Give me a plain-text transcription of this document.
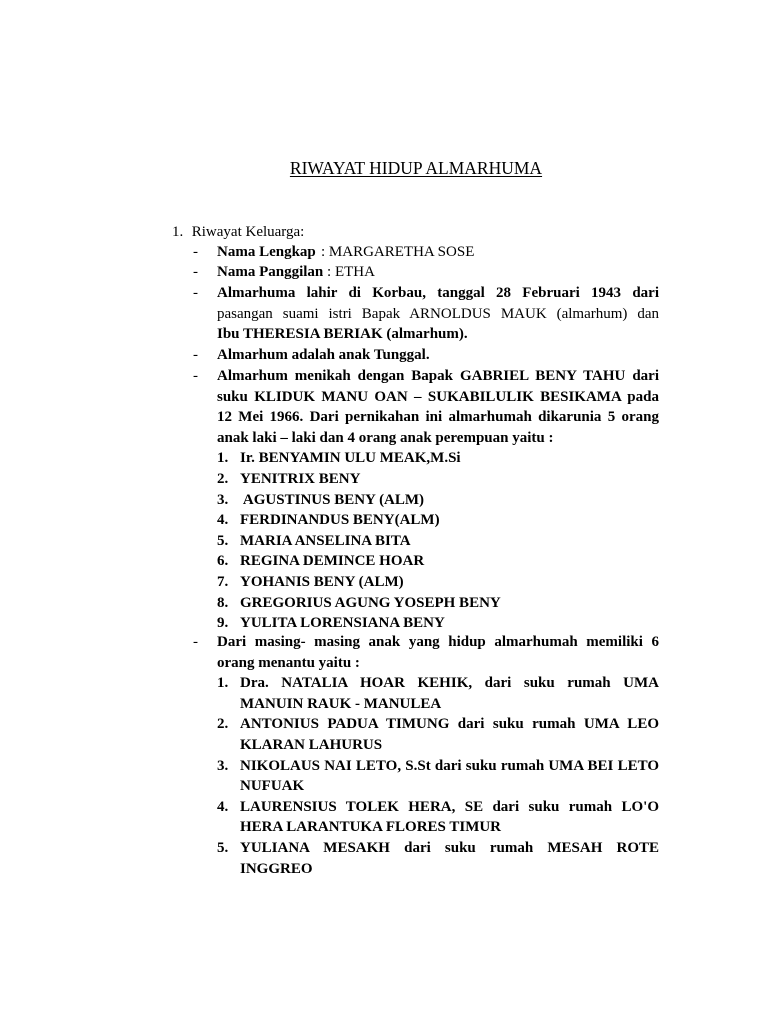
RIWAYAT HIDUP ALMARHUMA
1. Riwayat Keluarga:
-	Nama Lengkap : MARGARETHA SOSE
-	Nama Panggilan : ETHA
-	Almarhuma lahir di Korbau, tanggal 28 Februari 1943 dari
pasangan suami istri Bapak ARNOLDUS MAUK (almarhum) dan
Ibu THERESIA BERIAK (almarhum).
-	Almarhum adalah anak Tunggal.
-	Almarhum menikah dengan Bapak GABRIEL BENY TAHU dari
suku KLIDUK MANU OAN – SUKABILULIK BESIKAMA pada
12 Mei 1966. Dari pernikahan ini almarhumah dikarunia 5 orang
anak laki – laki dan 4 orang anak perempuan yaitu :
1. Ir. BENYAMIN ULU MEAK,M.Si
2. YENITRIX BENY
3. AGUSTINUS BENY (ALM)
4. FERDINANDUS BENY(ALM)
5. MARIA ANSELINA BITA
6. REGINA DEMINCE HOAR
7. YOHANIS BENY (ALM)
8. GREGORIUS AGUNG YOSEPH BENY
9. YULITA LORENSIANA BENY
-	Dari masing- masing anak yang hidup almarhumah memiliki 6
orang menantu yaitu :
1. Dra. NATALIA HOAR KEHIK, dari suku rumah UMA
MANUIN RAUK - MANULEA
2. ANTONIUS PADUA TIMUNG dari suku rumah UMA LEO
KLARAN LAHURUS
3. NIKOLAUS NAI LETO, S.St dari suku rumah UMA BEI LETO
NUFUAK
4. LAURENSIUS TOLEK HERA, SE dari suku rumah LO'O
HERA LARANTUKA FLORES TIMUR
5. YULIANA MESAKH dari suku rumah MESAH ROTE
INGGREO
